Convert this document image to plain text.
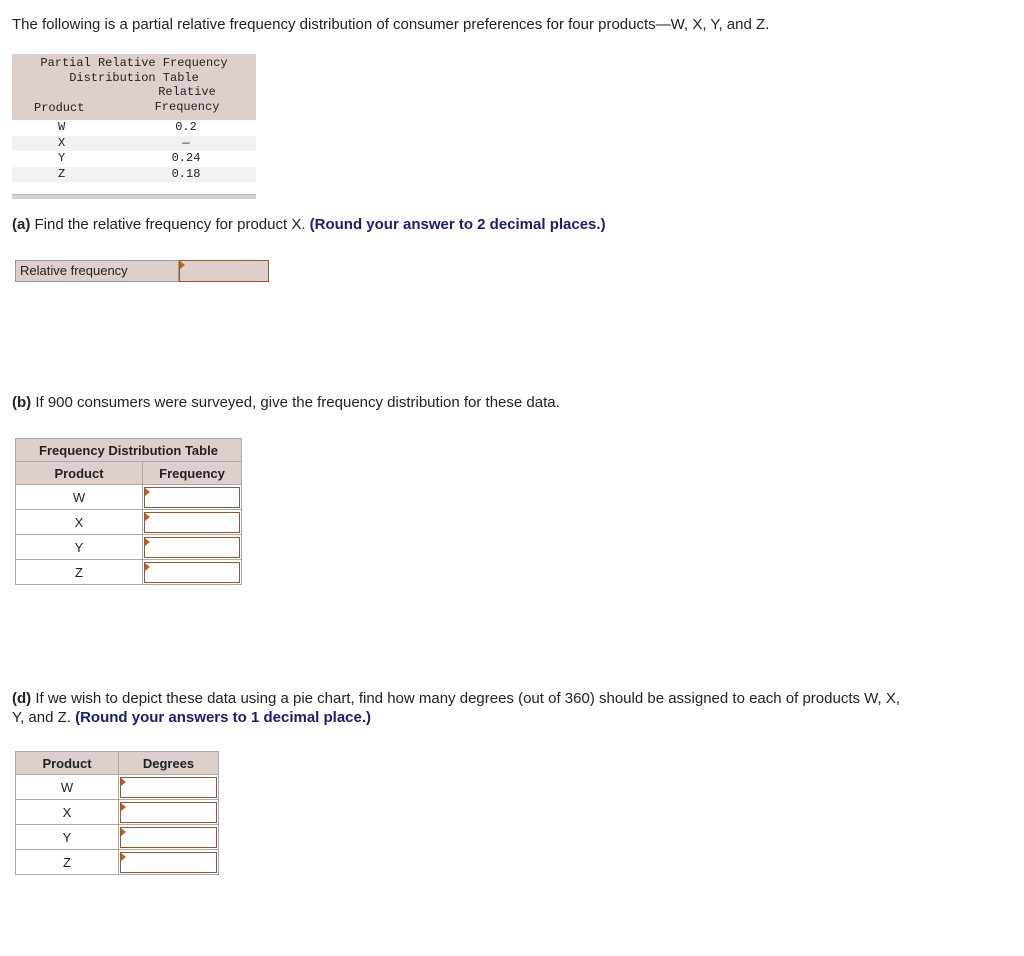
The following is a partial relative frequency distribution of consumer preferences for four products—W, X, Y, and Z.
Partial Relative Frequency
Distribution Table
Product
Relative
Frequency
W	0.2
X	—
Y	0.24
Z	0.18
(a) Find the relative frequency for product X. (Round your answer to 2 decimal places.)
Relative frequency
(b) If 900 consumers were surveyed, give the frequency distribution for these data.
Frequency Distribution Table	
Product	Frequency
W	

X	

Y	

Z	
(d) If we wish to depict these data using a pie chart, find how many degrees (out of 360) should be assigned to each of products W, X,
Y, and Z. (Round your answers to 1 decimal place.)
Product	Degrees
W	

X	

Y	

Z	
